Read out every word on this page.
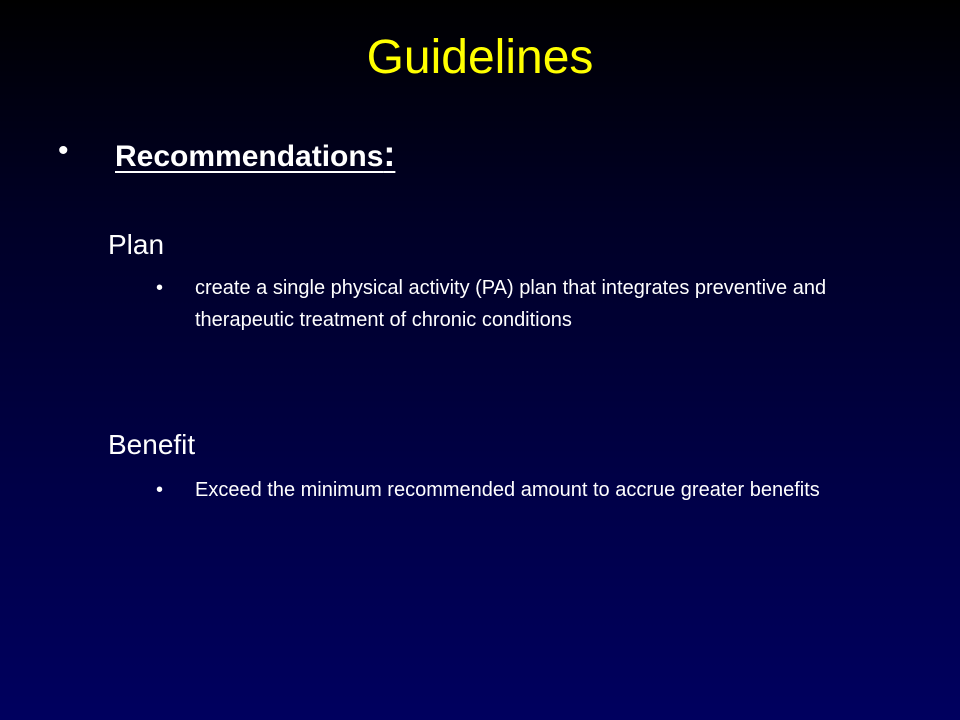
Guidelines
• Recommendations:
Plan
• create a single physical activity (PA) plan that integrates preventive and therapeutic treatment of chronic conditions
Benefit
• Exceed the minimum recommended amount to accrue greater benefits
